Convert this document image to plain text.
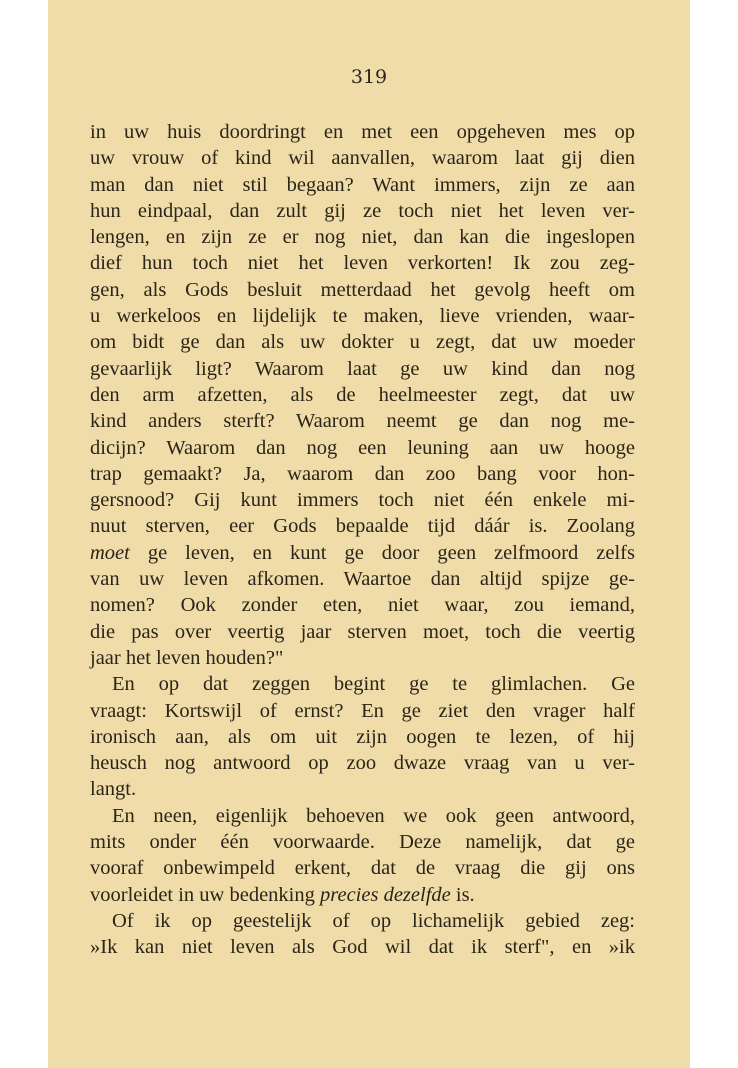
319
in uw huis doordringt en met een opgeheven mes op
uw vrouw of kind wil aanvallen, waarom laat gij dien
man dan niet stil begaan? Want immers, zijn ze aan
hun eindpaal, dan zult gij ze toch niet het leven ver-
lengen, en zijn ze er nog niet, dan kan die ingeslopen
dief hun toch niet het leven verkorten! Ik zou zeg-
gen, als Gods besluit metterdaad het gevolg heeft om
u werkeloos en lijdelijk te maken, lieve vrienden, waar-
om bidt ge dan als uw dokter u zegt, dat uw moeder
gevaarlijk ligt? Waarom laat ge uw kind dan nog
den arm afzetten, als de heelmeester zegt, dat uw
kind anders sterft? Waarom neemt ge dan nog me-
dicijn? Waarom dan nog een leuning aan uw hooge
trap gemaakt? Ja, waarom dan zoo bang voor hon-
gersnood? Gij kunt immers toch niet één enkele mi-
nuut sterven, eer Gods bepaalde tijd dáár is. Zoolang
moet ge leven, en kunt ge door geen zelfmoord zelfs
van uw leven afkomen. Waartoe dan altijd spijze ge-
nomen? Ook zonder eten, niet waar, zou iemand,
die pas over veertig jaar sterven moet, toch die veertig
jaar het leven houden?"
En op dat zeggen begint ge te glimlachen. Ge
vraagt: Kortswijl of ernst? En ge ziet den vrager half
ironisch aan, als om uit zijn oogen te lezen, of hij
heusch nog antwoord op zoo dwaze vraag van u ver-
langt.
En neen, eigenlijk behoeven we ook geen antwoord,
mits onder één voorwaarde. Deze namelijk, dat ge
vooraf onbewimpeld erkent, dat de vraag die gij ons
voorleidet in uw bedenking precies dezelfde is.
Of ik op geestelijk of op lichamelijk gebied zeg:
»Ik kan niet leven als God wil dat ik sterf", en »ik
